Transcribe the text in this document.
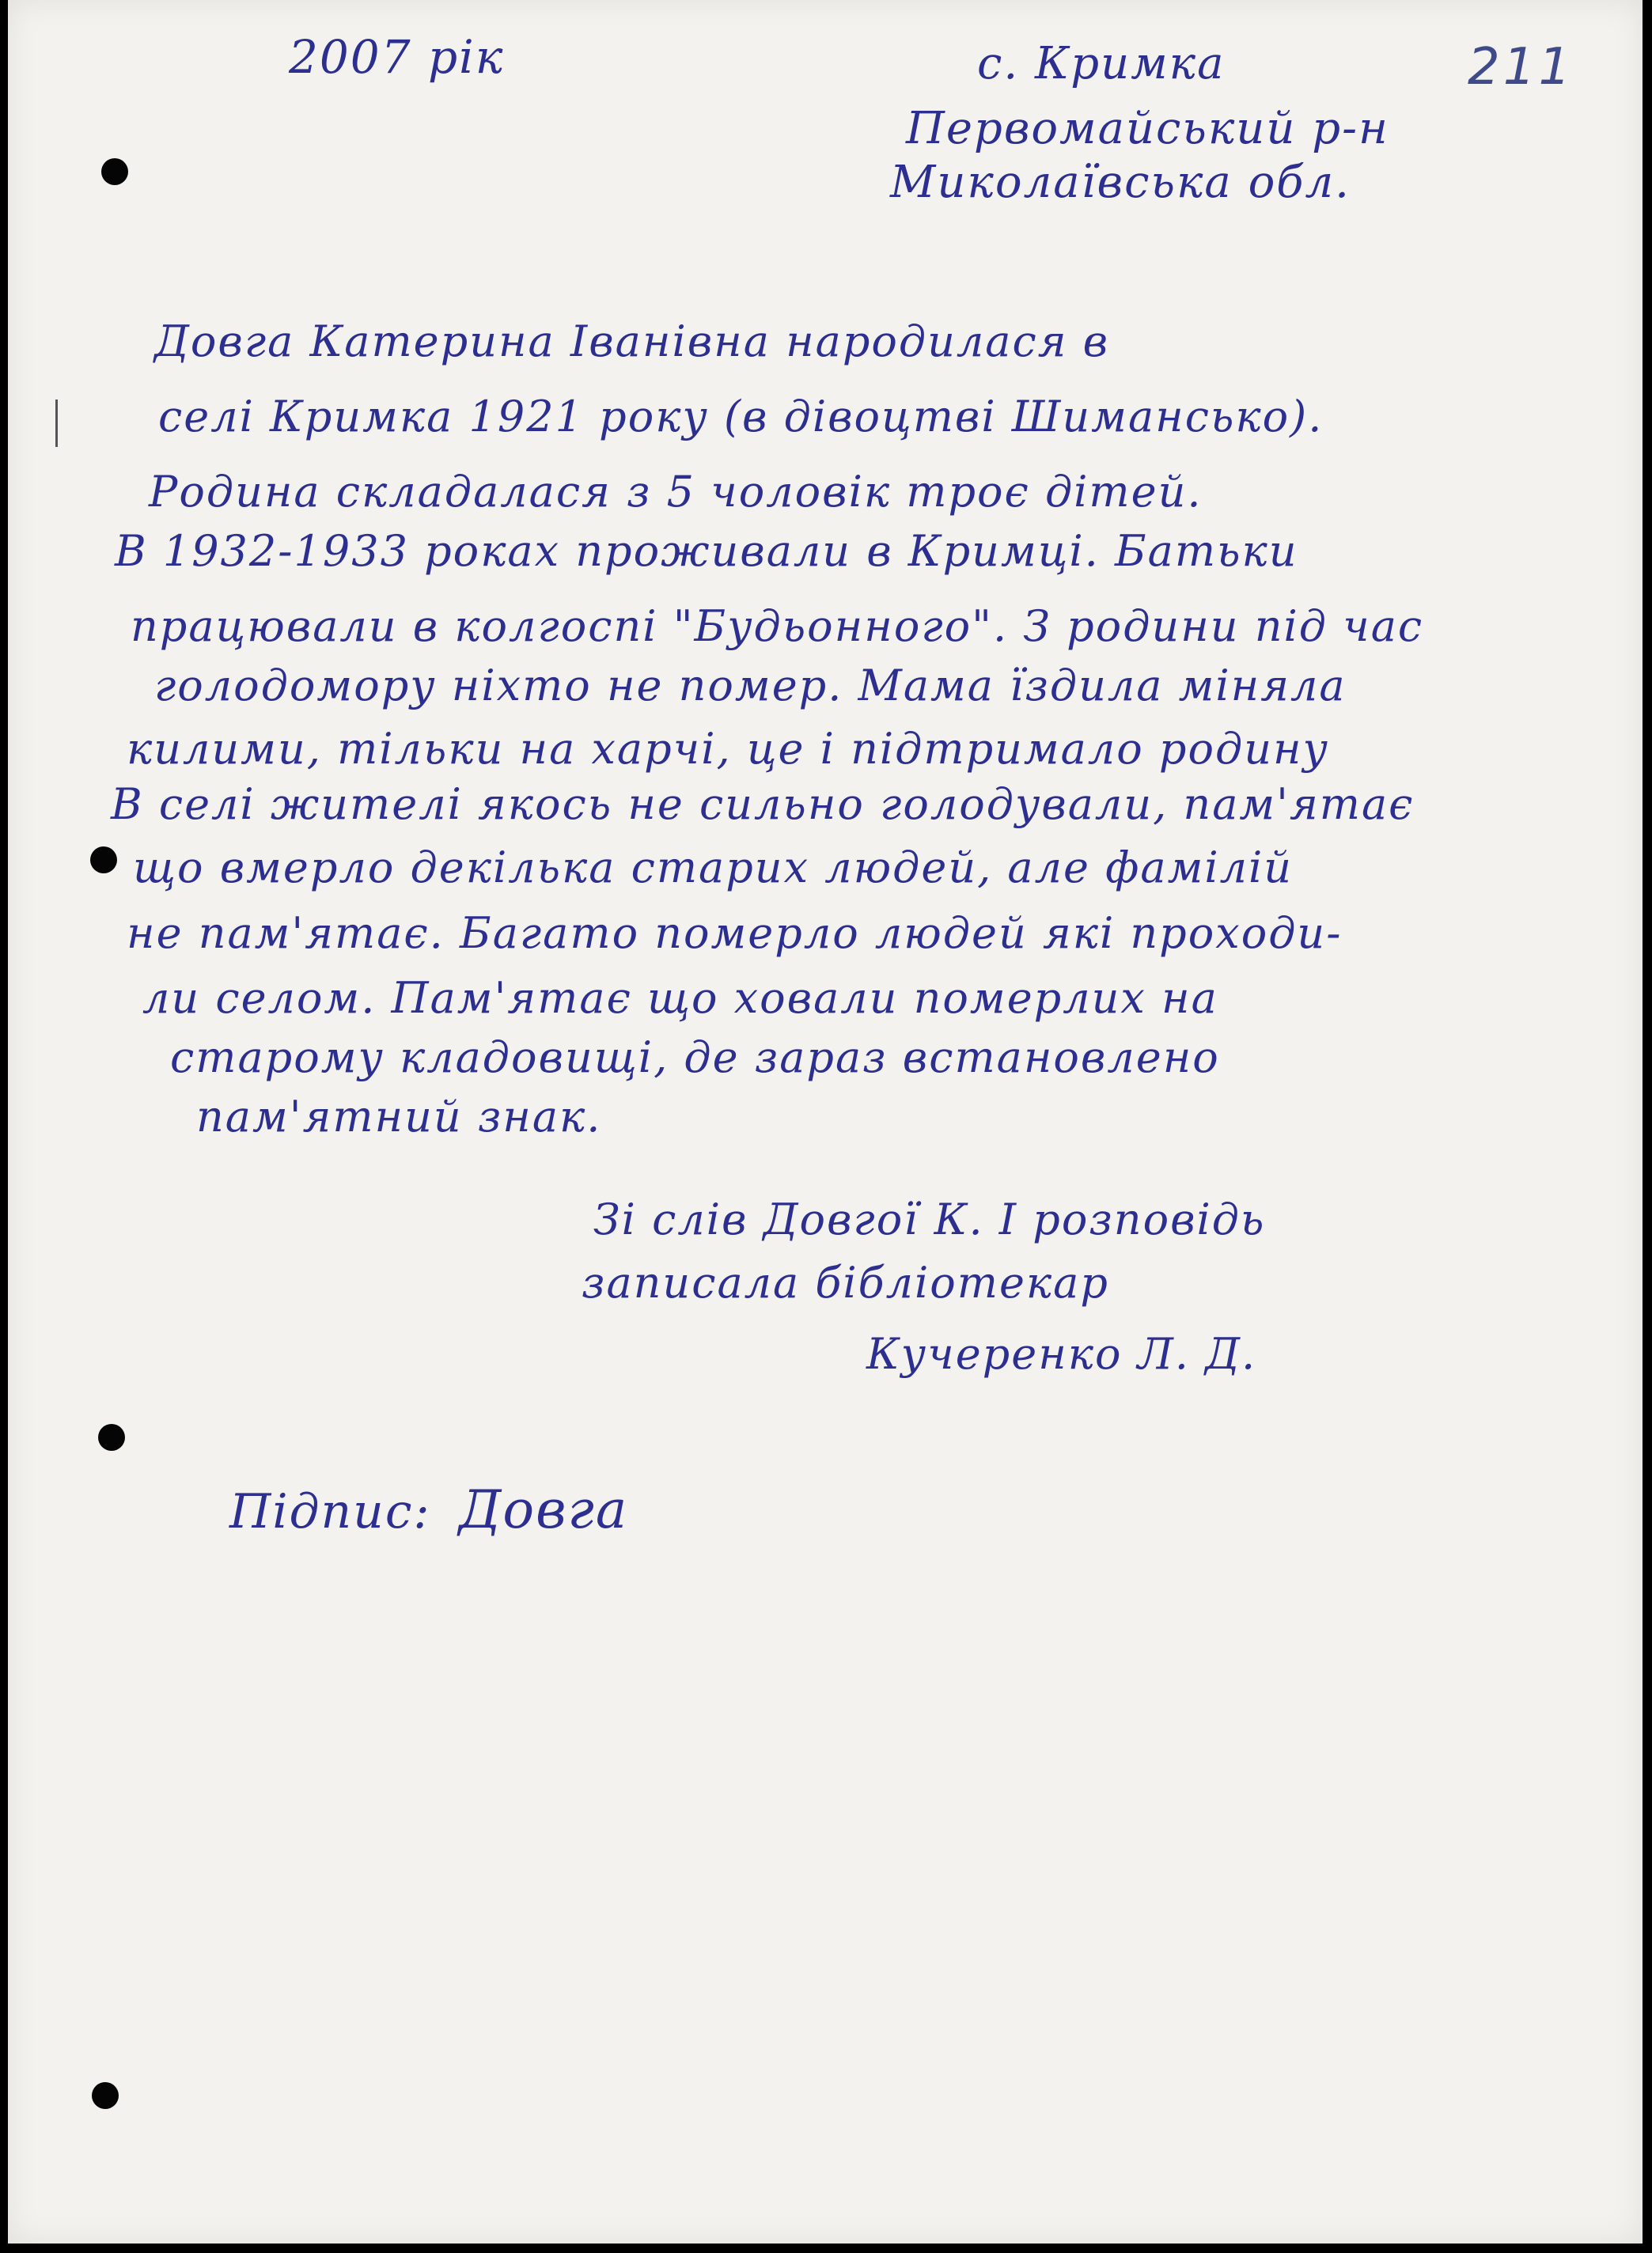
2007 рік	с. Кримка
Первомайський р-н
Миколаївська обл.
211
Довга Катерина Іванівна народилася в
селі Кримка 1921 року (в дівоцтві Шимансько).
Родина складалася з 5 чоловік троє дітей.
В 1932-1933 роках проживали в Кримці. Батьки
працювали в колгоспі "Будьонного". З родини під час
голодомору ніхто не помер. Мама їздила міняла
килими, тільки на харчі, це і підтримало родину
В селі жителі якось не сильно голодували, пам'ятає
що вмерло декілька старих людей, але фамілій
не пам'ятає. Багато померло людей які проходи-
ли селом. Пам'ятає що ховали померлих на
старому кладовищі, де зараз встановлено
пам'ятний знак.
Зі слів Довгої К. І розповідь
записала бібліотекар
Кучеренко Л. Д.
Підпис: Довга
